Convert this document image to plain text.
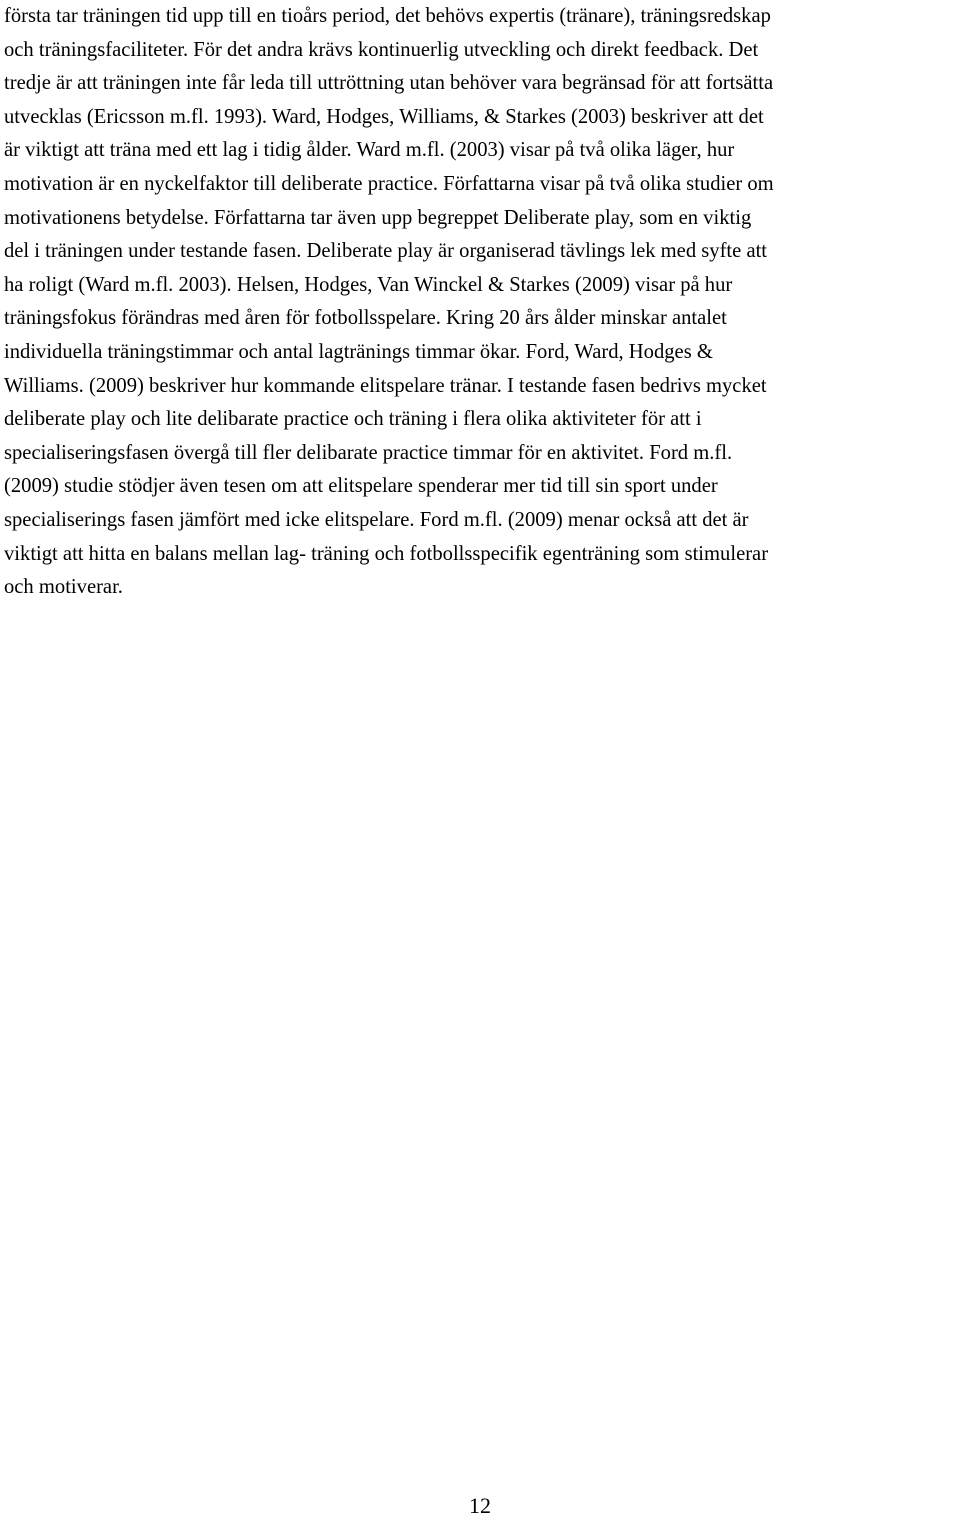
första tar träningen tid upp till en tioårs period, det behövs expertis (tränare), träningsredskap
och träningsfaciliteter. För det andra krävs kontinuerlig utveckling och direkt feedback. Det
tredje är att träningen inte får leda till uttröttning utan behöver vara begränsad för att fortsätta
utvecklas (Ericsson m.fl. 1993). Ward, Hodges, Williams, & Starkes (2003) beskriver att det
är viktigt att träna med ett lag i tidig ålder. Ward m.fl. (2003) visar på två olika läger, hur
motivation är en nyckelfaktor till deliberate practice. Författarna visar på två olika studier om
motivationens betydelse. Författarna tar även upp begreppet Deliberate play, som en viktig
del i träningen under testande fasen. Deliberate play är organiserad tävlings lek med syfte att
ha roligt (Ward m.fl. 2003). Helsen, Hodges, Van Winckel & Starkes (2009) visar på hur
träningsfokus förändras med åren för fotbollsspelare. Kring 20 års ålder minskar antalet
individuella träningstimmar och antal lagtränings timmar ökar. Ford, Ward, Hodges &
Williams. (2009) beskriver hur kommande elitspelare tränar. I testande fasen bedrivs mycket
deliberate play och lite delibarate practice och träning i flera olika aktiviteter för att i
specialiseringsfasen övergå till fler delibarate practice timmar för en aktivitet. Ford m.fl.
(2009) studie stödjer även tesen om att elitspelare spenderar mer tid till sin sport under
specialiserings fasen jämfört med icke elitspelare. Ford m.fl. (2009) menar också att det är
viktigt att hitta en balans mellan lag- träning och fotbollsspecifik egenträning som stimulerar
och motiverar.
12
